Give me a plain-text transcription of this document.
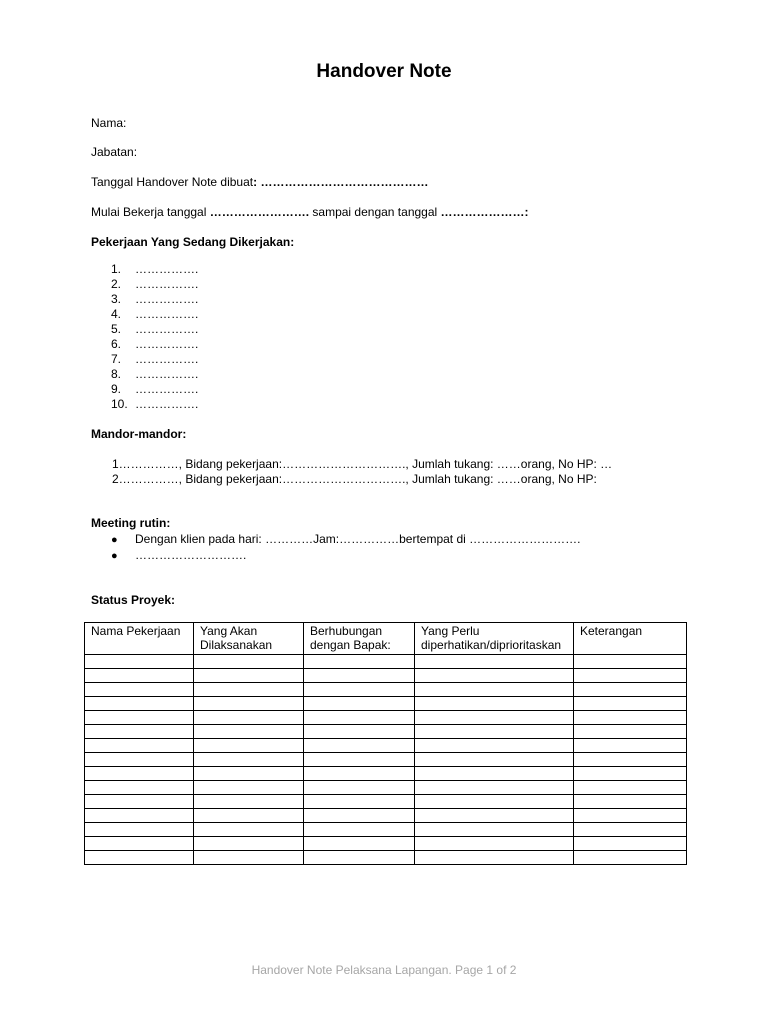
Handover Note
Nama:
Jabatan:
Tanggal Handover Note dibuat: ……………………………………
Mulai Bekerja tanggal ……………………. sampai dengan tanggal …………………:
Pekerjaan Yang Sedang Dikerjakan:
1. …………….
2. …………….
3. …………….
4. …………….
5. …………….
6. …………….
7. …………….
8. …………….
9. …………….
10. …………….
Mandor-mandor:
1……………, Bidang pekerjaan:…………………………., Jumlah tukang: ……orang, No HP: …
2……………, Bidang pekerjaan:…………………………., Jumlah tukang: ……orang, No HP:
Meeting rutin:
● Dengan klien pada hari: …………Jam:……………bertempat di ……………………….
● ……………………….
Status Proyek:
Nama Pekerjaan	Yang Akan Dilaksanakan	Berhubungan dengan Bapak:	Yang Perlu diperhatikan/diprioritaskan	Keterangan

Handover Note Pelaksana Lapangan. Page 1 of 2
